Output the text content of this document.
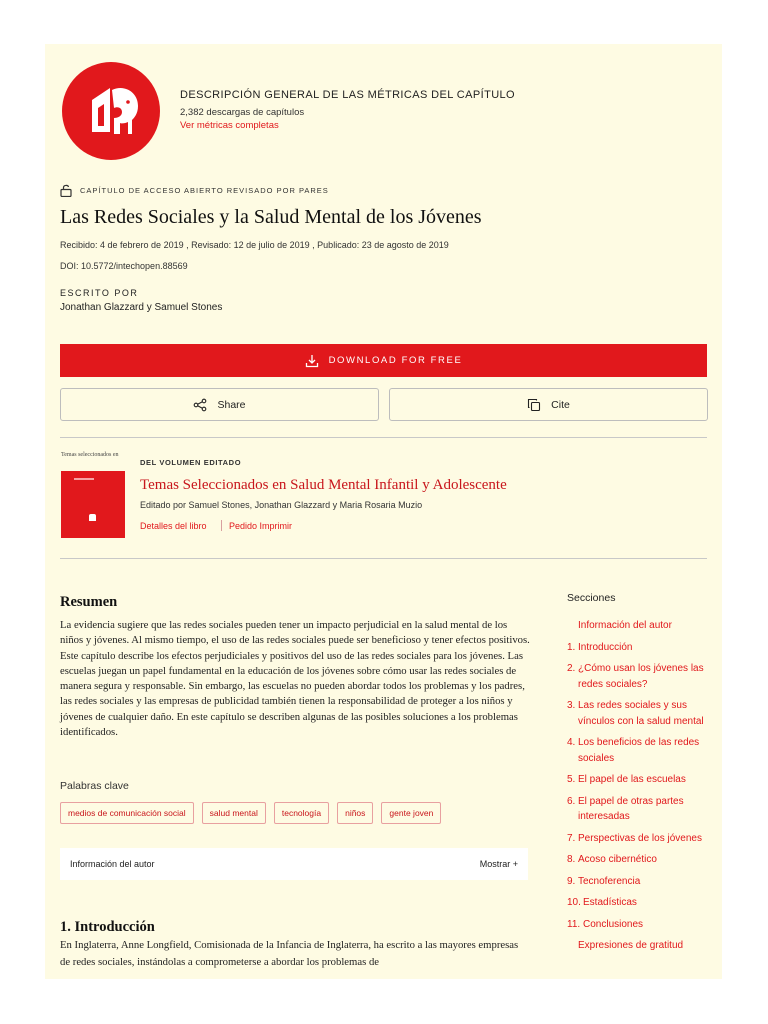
DESCRIPCIÓN GENERAL DE LAS MÉTRICAS DEL CAPÍTULO
2,382 descargas de capítulos
Ver métricas completas
CAPÍTULO DE ACCESO ABIERTO REVISADO POR PARES
Las Redes Sociales y la Salud Mental de los Jóvenes
Recibido: 4 de febrero de 2019 , Revisado: 12 de julio de 2019 , Publicado: 23 de agosto de 2019
DOI: 10.5772/intechopen.88569
ESCRITO POR
Jonathan Glazzard y Samuel Stones
DOWNLOAD FOR FREE
Share	Cite
Temas seleccionados en
DEL VOLUMEN EDITADO
Temas Seleccionados en Salud Mental Infantil y Adolescente
Editado por Samuel Stones, Jonathan Glazzard y Maria Rosaria Muzio
Detalles del libro Pedido Imprimir
Resumen
La evidencia sugiere que las redes sociales pueden tener un impacto perjudicial en la salud mental de los niños y jóvenes. Al mismo tiempo, el uso de las redes sociales puede ser beneficioso y tener efectos positivos. Este capítulo describe los efectos perjudiciales y positivos del uso de las redes sociales para los jóvenes. Las escuelas juegan un papel fundamental en la educación de los jóvenes sobre cómo usar las redes sociales de manera segura y responsable. Sin embargo, las escuelas no pueden abordar todos los problemas y los padres, las redes sociales y las empresas de publicidad también tienen la responsabilidad de proteger a los niños y jóvenes de cualquier daño. En este capítulo se describen algunas de las posibles soluciones a los problemas identificados.
Palabras clave
medios de comunicación social	salud mental	tecnología	niños	gente joven
Información del autor	Mostrar +
1. Introducción
En Inglaterra, Anne Longfield, Comisionada de la Infancia de Inglaterra, ha escrito a las mayores empresas de redes sociales, instándolas a comprometerse a abordar los problemas de
Secciones
Información del autor
1. Introducción
2. ¿Cómo usan los jóvenes las redes sociales?
3. Las redes sociales y sus vínculos con la salud mental
4. Los beneficios de las redes sociales
5. El papel de las escuelas
6. El papel de otras partes interesadas
7. Perspectivas de los jóvenes
8. Acoso cibernético
9. Tecnoferencia
10. Estadísticas
11. Conclusiones
Expresiones de gratitud
